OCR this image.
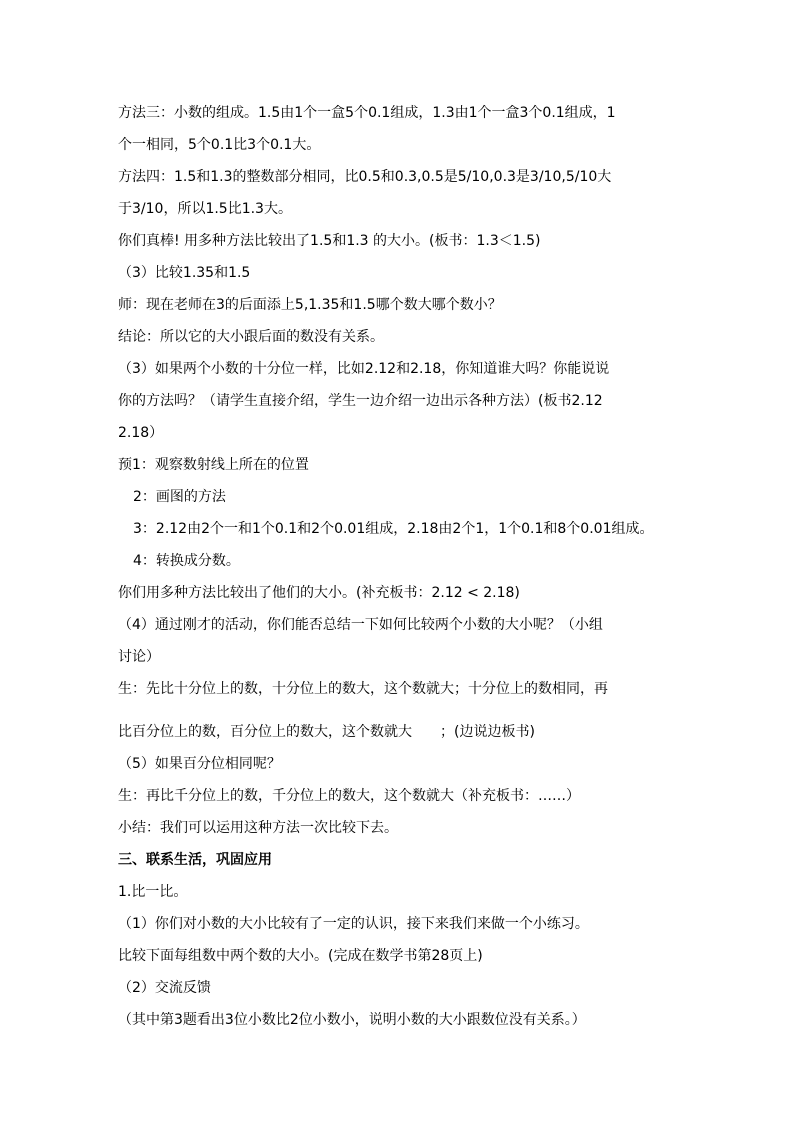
方法三：小数的组成。1.5由1个一盒5个0.1组成，1.3由1个一盒3个0.1组成，1

个一相同，5个0.1比3个0.1大。

方法四：1.5和1.3的整数部分相同，比0.5和0.3,0.5是5/10,0.3是3/10,5/10大

于3/10，所以1.5比1.3大。

你们真棒! 用多种方法比较出了1.5和1.3 的大小。(板书：1.3＜1.5)

（3）比较1.35和1.5

师：现在老师在3的后面添上5,1.35和1.5哪个数大哪个数小？

结论：所以它的大小跟后面的数没有关系。

（3）如果两个小数的十分位一样，比如2.12和2.18，你知道谁大吗？你能说说

你的方法吗？（请学生直接介绍，学生一边介绍一边出示各种方法）(板书2.12

2.18）

预1：观察数射线上所在的位置

2：画图的方法

3：2.12由2个一和1个0.1和2个0.01组成，2.18由2个1，1个0.1和8个0.01组成。

4：转换成分数。

你们用多种方法比较出了他们的大小。(补充板书：2.12 < 2.18)

（4）通过刚才的活动，你们能否总结一下如何比较两个小数的大小呢？（小组

讨论）

生：先比十分位上的数，十分位上的数大，这个数就大；十分位上的数相同，再

比百分位上的数，百分位上的数大，这个数就大　　；(边说边板书)

（5）如果百分位相同呢？

生：再比千分位上的数，千分位上的数大，这个数就大（补充板书：……）

小结：我们可以运用这种方法一次比较下去。

三、联系生活，巩固应用

1.比一比。

（1）你们对小数的大小比较有了一定的认识，接下来我们来做一个小练习。

比较下面每组数中两个数的大小。(完成在数学书第28页上)

（2）交流反馈

（其中第3题看出3位小数比2位小数小，说明小数的大小跟数位没有关系。）
